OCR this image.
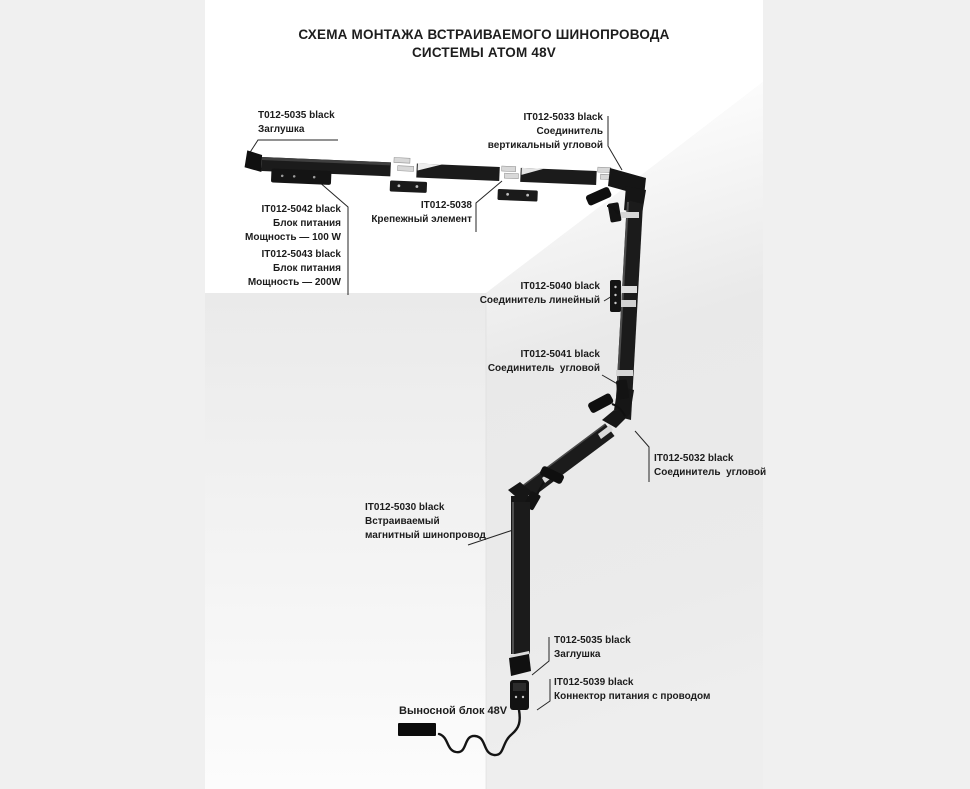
СХЕМА МОНТАЖА ВСТРАИВАЕМОГО ШИНОПРОВОДА
СИСТЕМЫ АТОМ 48V
T012-5035 black
Заглушка
IT012-5033 black
Соединитель
вертикальный угловой
IT012-5042 black
Блок питания
Мощность — 100 W
IT012-5043 black
Блок питания
Мощность — 200W
IT012-5038
Крепежный элемент
IT012-5040 black
Соединитель линейный
IT012-5041 black
Соединитель  угловой
IT012-5032 black
Соединитель  угловой
IT012-5030 black
Встраиваемый
магнитный шинопровод
T012-5035 black
Заглушка
IT012-5039 black
Коннектор питания с проводом
Выносной блок 48V
